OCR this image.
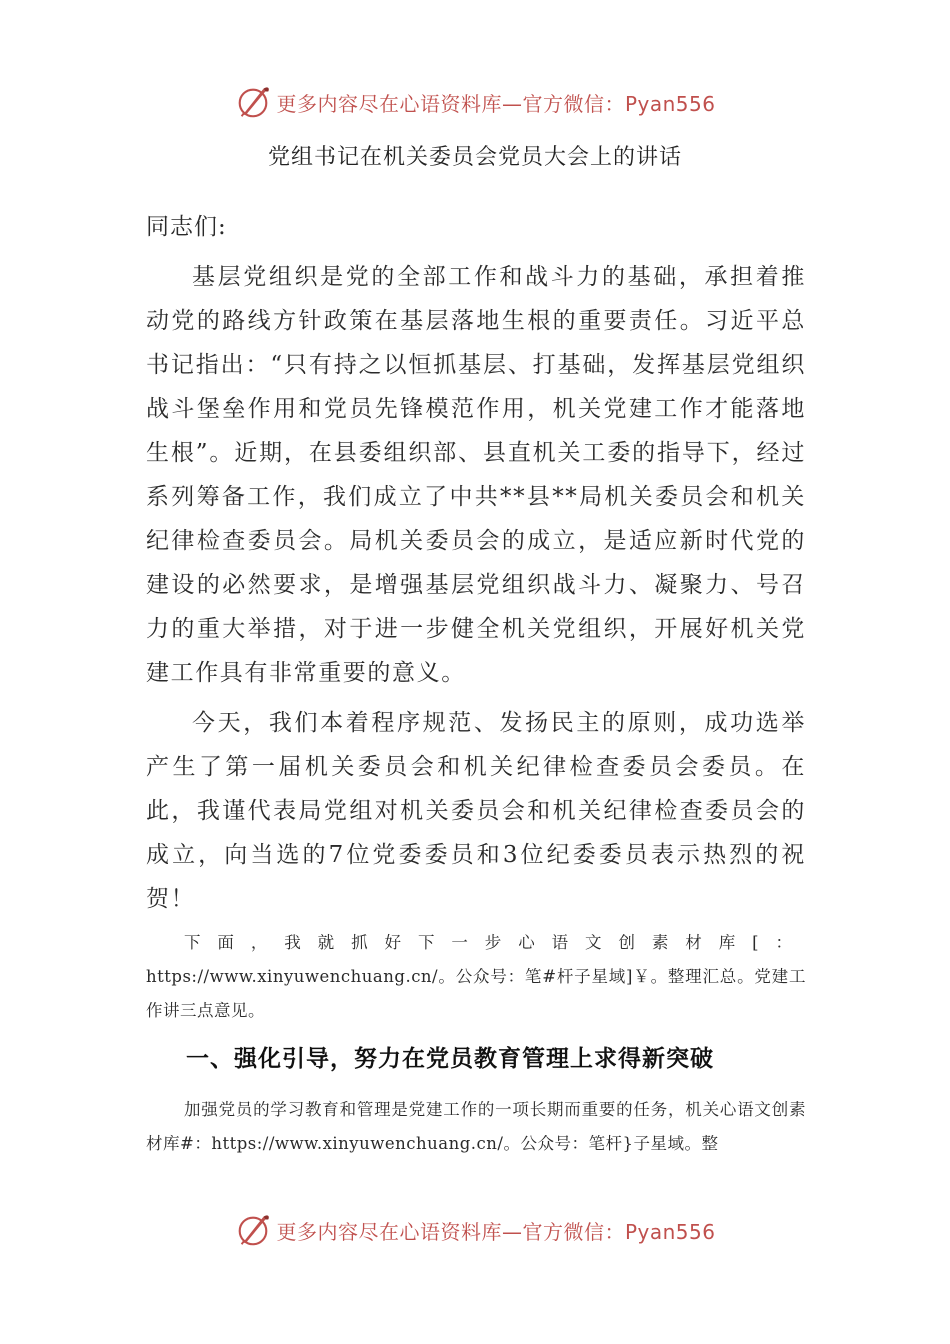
更多内容尽在心语资料库—官方微信：Pyan556
党组书记在机关委员会党员大会上的讲话
同志们:

基层党组织是党的全部工作和战斗力的基础，承担着推动党的路线方针政策在基层落地生根的重要责任。习近平总书记指出：“只有持之以恒抓基层、打基础，发挥基层党组织战斗堡垒作用和党员先锋模范作用，机关党建工作才能落地生根”。近期，在县委组织部、县直机关工委的指导下，经过系列筹备工作，我们成立了中共**县**局机关委员会和机关纪律检查委员会。局机关委员会的成立，是适应新时代党的建设的必然要求，是增强基层党组织战斗力、凝聚力、号召力的重大举措，对于进一步健全机关党组织，开展好机关党建工作具有非常重要的意义。

今天，我们本着程序规范、发扬民主的原则，成功选举产生了第一届机关委员会和机关纪律检查委员会委员。在此，我谨代表局党组对机关委员会和机关纪律检查委员会的成立，向当选的7位党委委员和3位纪委委员表示热烈的祝贺！

下面，我就抓好下一步心语文创素材库[： https://www.xinyuwenchuang.cn/。公众号：笔#杆子星域]￥。整理汇总。党建工作讲三点意见。

一、强化引导，努力在党员教育管理上求得新突破

加强党员的学习教育和管理是党建工作的一项长期而重要的任务，机关心语文创素材库#：https://www.xinyuwenchuang.cn/。公众号：笔杆}子星域。整

更多内容尽在心语资料库—官方微信：Pyan556
